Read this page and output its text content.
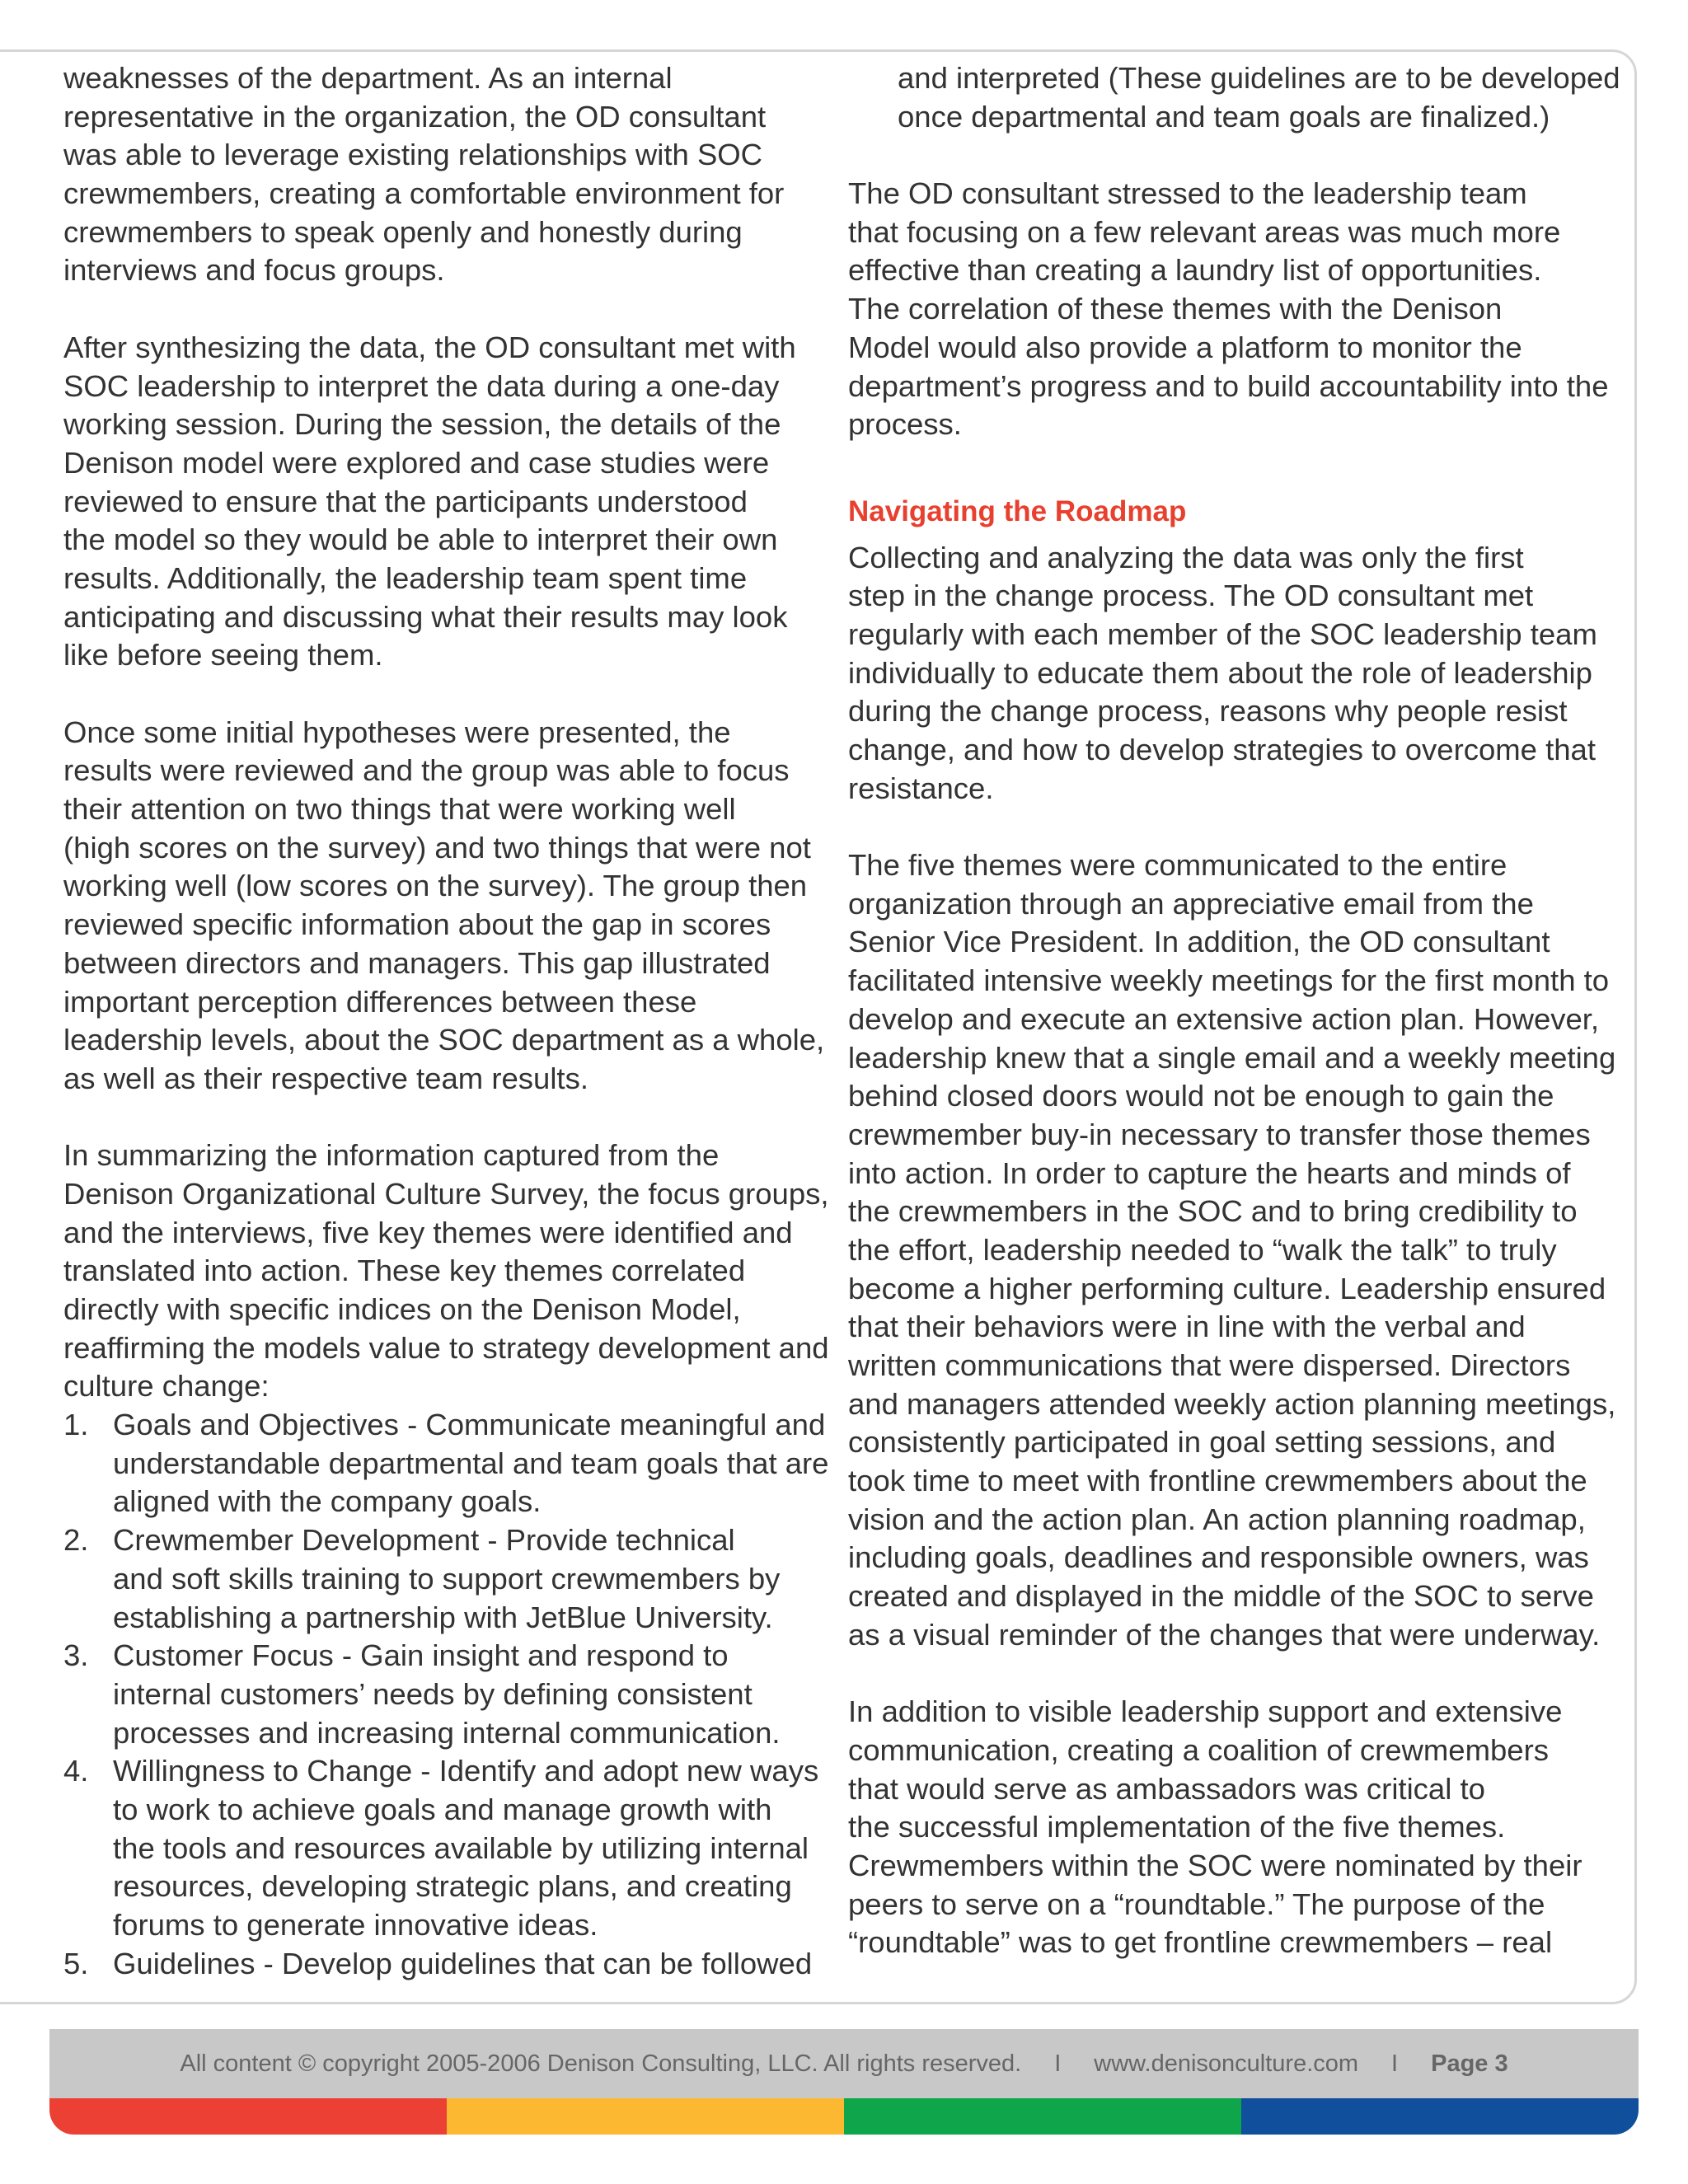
weaknesses of the department. As an internal
representative in the organization, the OD consultant
was able to leverage existing relationships with SOC
crewmembers, creating a comfortable environment for
crewmembers to speak openly and honestly during
interviews and focus groups.
After synthesizing the data, the OD consultant met with
SOC leadership to interpret the data during a one-day
working session. During the session, the details of the
Denison model were explored and case studies were
reviewed to ensure that the participants understood
the model so they would be able to interpret their own
results. Additionally, the leadership team spent time
anticipating and discussing what their results may look
like before seeing them.
Once some initial hypotheses were presented, the
results were reviewed and the group was able to focus
their attention on two things that were working well
(high scores on the survey) and two things that were not
working well (low scores on the survey). The group then
reviewed specific information about the gap in scores
between directors and managers. This gap illustrated
important perception differences between these
leadership levels, about the SOC department as a whole,
as well as their respective team results.
In summarizing the information captured from the
Denison Organizational Culture Survey, the focus groups,
and the interviews, five key themes were identified and
translated into action. These key themes correlated
directly with specific indices on the Denison Model,
reaffirming the models value to strategy development and
culture change:
1. Goals and Objectives - Communicate meaningful and
understandable departmental and team goals that are
aligned with the company goals.
2. Crewmember Development - Provide technical
and soft skills training to support crewmembers by
establishing a partnership with JetBlue University.
3. Customer Focus - Gain insight and respond to
internal customers’ needs by defining consistent
processes and increasing internal communication.
4. Willingness to Change - Identify and adopt new ways
to work to achieve goals and manage growth with
the tools and resources available by utilizing internal
resources, developing strategic plans, and creating
forums to generate innovative ideas.
5. Guidelines - Develop guidelines that can be followed
and interpreted (These guidelines are to be developed
once departmental and team goals are finalized.)
The OD consultant stressed to the leadership team
that focusing on a few relevant areas was much more
effective than creating a laundry list of opportunities.
The correlation of these themes with the Denison
Model would also provide a platform to monitor the
department’s progress and to build accountability into the
process.
Navigating the Roadmap
Collecting and analyzing the data was only the first
step in the change process. The OD consultant met
regularly with each member of the SOC leadership team
individually to educate them about the role of leadership
during the change process, reasons why people resist
change, and how to develop strategies to overcome that
resistance.
The five themes were communicated to the entire
organization through an appreciative email from the
Senior Vice President. In addition, the OD consultant
facilitated intensive weekly meetings for the first month to
develop and execute an extensive action plan. However,
leadership knew that a single email and a weekly meeting
behind closed doors would not be enough to gain the
crewmember buy-in necessary to transfer those themes
into action. In order to capture the hearts and minds of
the crewmembers in the SOC and to bring credibility to
the effort, leadership needed to “walk the talk” to truly
become a higher performing culture. Leadership ensured
that their behaviors were in line with the verbal and
written communications that were dispersed. Directors
and managers attended weekly action planning meetings,
consistently participated in goal setting sessions, and
took time to meet with frontline crewmembers about the
vision and the action plan. An action planning roadmap,
including goals, deadlines and responsible owners, was
created and displayed in the middle of the SOC to serve
as a visual reminder of the changes that were underway.
In addition to visible leadership support and extensive
communication, creating a coalition of crewmembers
that would serve as ambassadors was critical to
the successful implementation of the five themes.
Crewmembers within the SOC were nominated by their
peers to serve on a “roundtable.” The purpose of the
“roundtable” was to get frontline crewmembers – real
All content © copyright 2005-2006 Denison Consulting, LLC. All rights reserved. I www.denisonculture.com I Page 3
